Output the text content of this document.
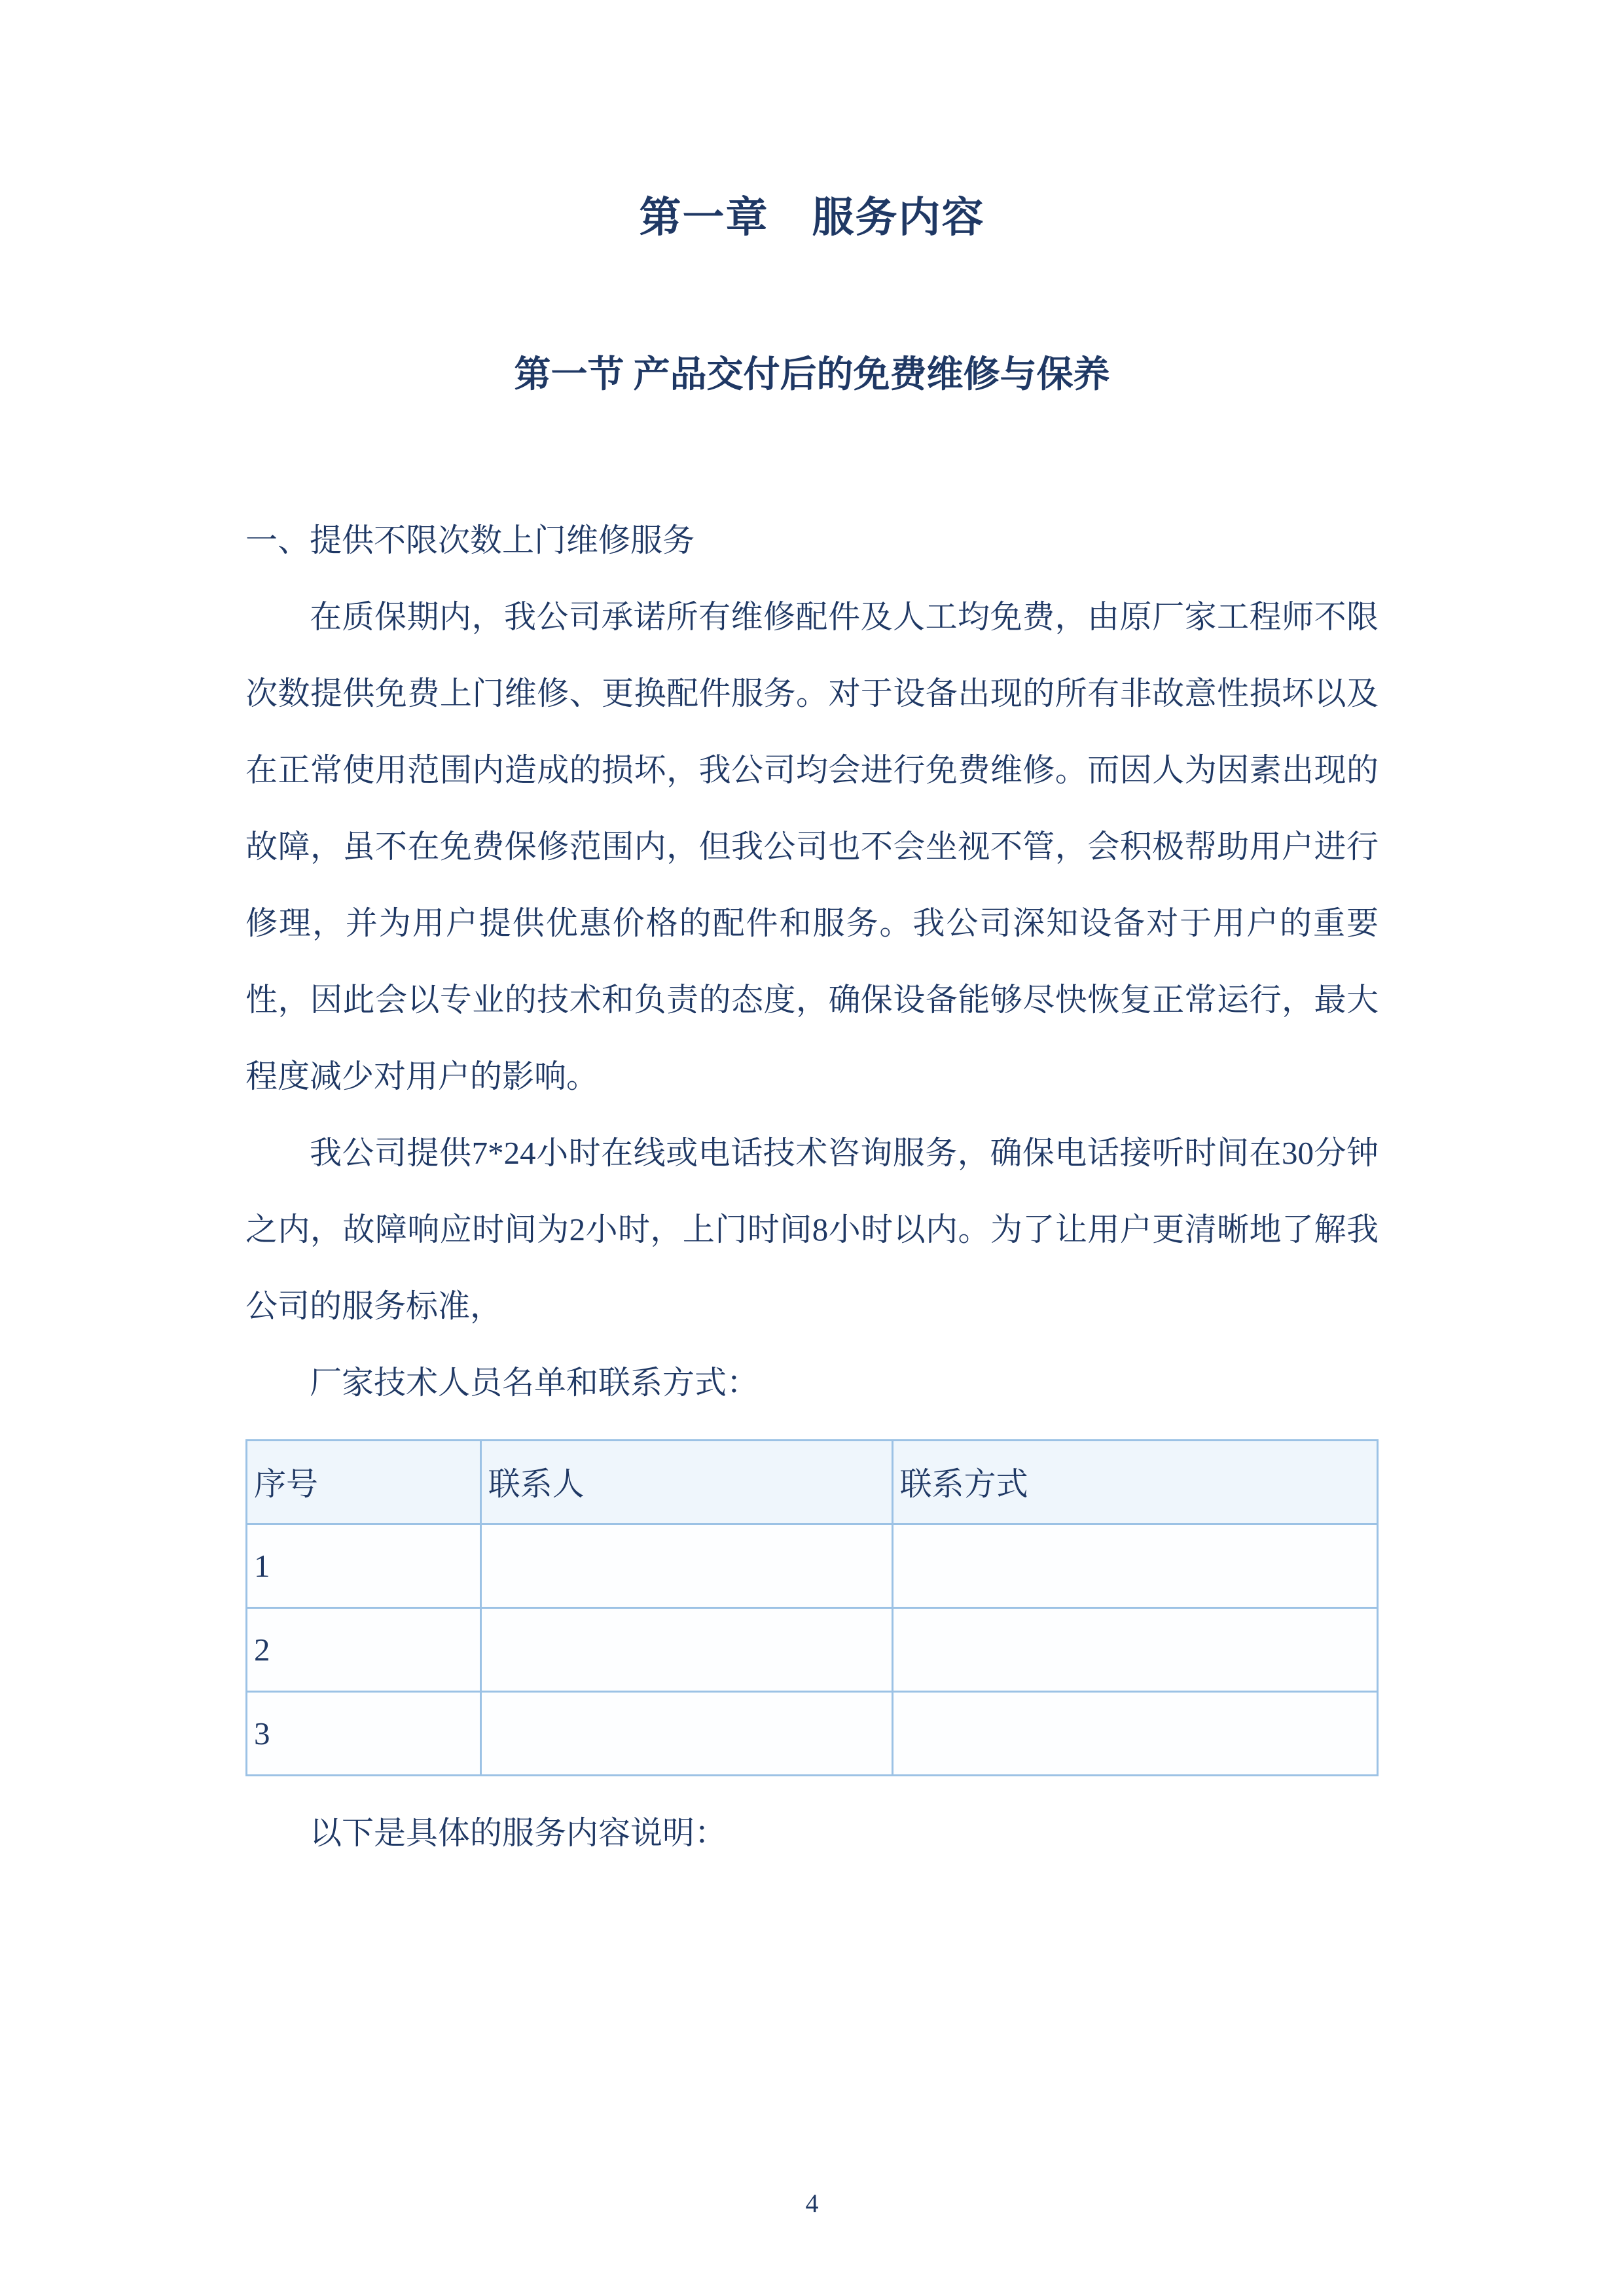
第一章　服务内容
第一节 产品交付后的免费维修与保养

一、提供不限次数上门维修服务

在质保期内，我公司承诺所有维修配件及人工均免费，由原厂家工程师不限次数提供免费上门维修、更换配件服务。对于设备出现的所有非故意性损坏以及在正常使用范围内造成的损坏，我公司均会进行免费维修。而因人为因素出现的故障，虽不在免费保修范围内，但我公司也不会坐视不管，会积极帮助用户进行修理，并为用户提供优惠价格的配件和服务。我公司深知设备对于用户的重要性，因此会以专业的技术和负责的态度，确保设备能够尽快恢复正常运行，最大程度减少对用户的影响。

我公司提供7*24小时在线或电话技术咨询服务，确保电话接听时间在30分钟之内，故障响应时间为2小时，上门时间8小时以内。为了让用户更清晰地了解我公司的服务标准，

厂家技术人员名单和联系方式：

序号	联系人	联系方式
1		
2		
3		

以下是具体的服务内容说明：

4
